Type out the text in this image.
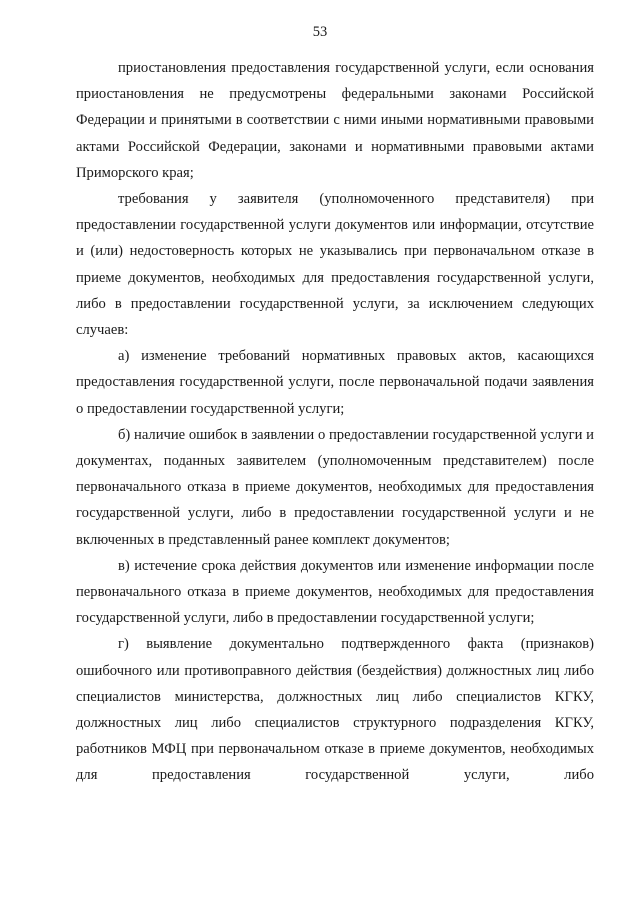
53

приостановления предоставления государственной услуги, если основания приостановления не предусмотрены федеральными законами Российской Федерации и принятыми в соответствии с ними иными нормативными правовыми актами Российской Федерации, законами и нормативными правовыми актами Приморского края;

требования у заявителя (уполномоченного представителя) при предоставлении государственной услуги документов или информации, отсутствие и (или) недостоверность которых не указывались при первоначальном отказе в приеме документов, необходимых для предоставления государственной услуги, либо в предоставлении государственной услуги, за исключением следующих случаев:

а) изменение требований нормативных правовых актов, касающихся предоставления государственной услуги, после первоначальной подачи заявления о предоставлении государственной услуги;

б) наличие ошибок в заявлении о предоставлении государственной услуги и документах, поданных заявителем (уполномоченным представителем) после первоначального отказа в приеме документов, необходимых для предоставления государственной услуги, либо в предоставлении государственной услуги и не включенных в представленный ранее комплект документов;

в) истечение срока действия документов или изменение информации после первоначального отказа в приеме документов, необходимых для предоставления государственной услуги, либо в предоставлении государственной услуги;

г) выявление документально подтвержденного факта (признаков) ошибочного или противоправного действия (бездействия) должностных лиц либо специалистов министерства, должностных лиц либо специалистов КГКУ, должностных лиц либо специалистов структурного подразделения КГКУ, работников МФЦ при первоначальном отказе в приеме документов, необходимых для предоставления государственной услуги, либо
